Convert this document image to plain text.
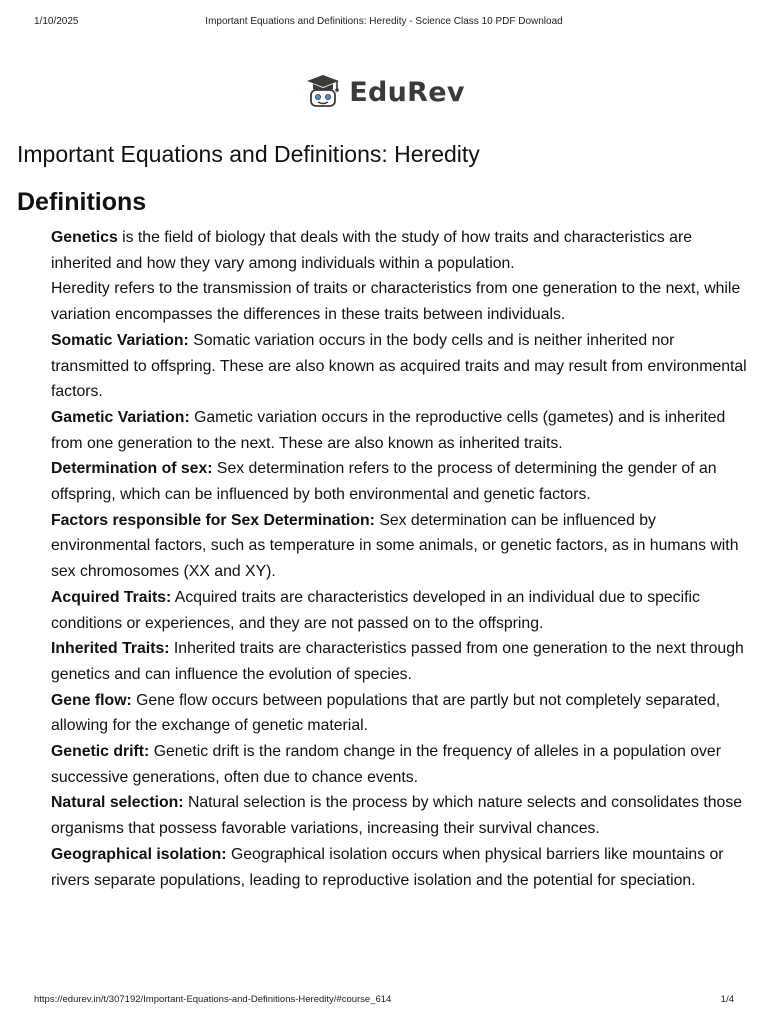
1/10/2025	Important Equations and Definitions: Heredity - Science Class 10 PDF Download
EduRev
Important Equations and Definitions: Heredity
Definitions

Genetics is the field of biology that deals with the study of how traits and characteristics are inherited and how they vary among individuals within a population.

Heredity refers to the transmission of traits or characteristics from one generation to the next, while variation encompasses the differences in these traits between individuals.

Somatic Variation: Somatic variation occurs in the body cells and is neither inherited nor transmitted to offspring. These are also known as acquired traits and may result from environmental factors.

Gametic Variation: Gametic variation occurs in the reproductive cells (gametes) and is inherited from one generation to the next. These are also known as inherited traits.

Determination of sex: Sex determination refers to the process of determining the gender of an offspring, which can be influenced by both environmental and genetic factors.

Factors responsible for Sex Determination: Sex determination can be influenced by environmental factors, such as temperature in some animals, or genetic factors, as in humans with sex chromosomes (XX and XY).

Acquired Traits: Acquired traits are characteristics developed in an individual due to specific conditions or experiences, and they are not passed on to the offspring.

Inherited Traits: Inherited traits are characteristics passed from one generation to the next through genetics and can influence the evolution of species.

Gene flow: Gene flow occurs between populations that are partly but not completely separated, allowing for the exchange of genetic material.

Genetic drift: Genetic drift is the random change in the frequency of alleles in a population over successive generations, often due to chance events.

Natural selection: Natural selection is the process by which nature selects and consolidates those organisms that possess favorable variations, increasing their survival chances.

Geographical isolation: Geographical isolation occurs when physical barriers like mountains or rivers separate populations, leading to reproductive isolation and the potential for speciation.

https://edurev.in/t/307192/Important-Equations-and-Definitions-Heredity/#course_614	1/4
